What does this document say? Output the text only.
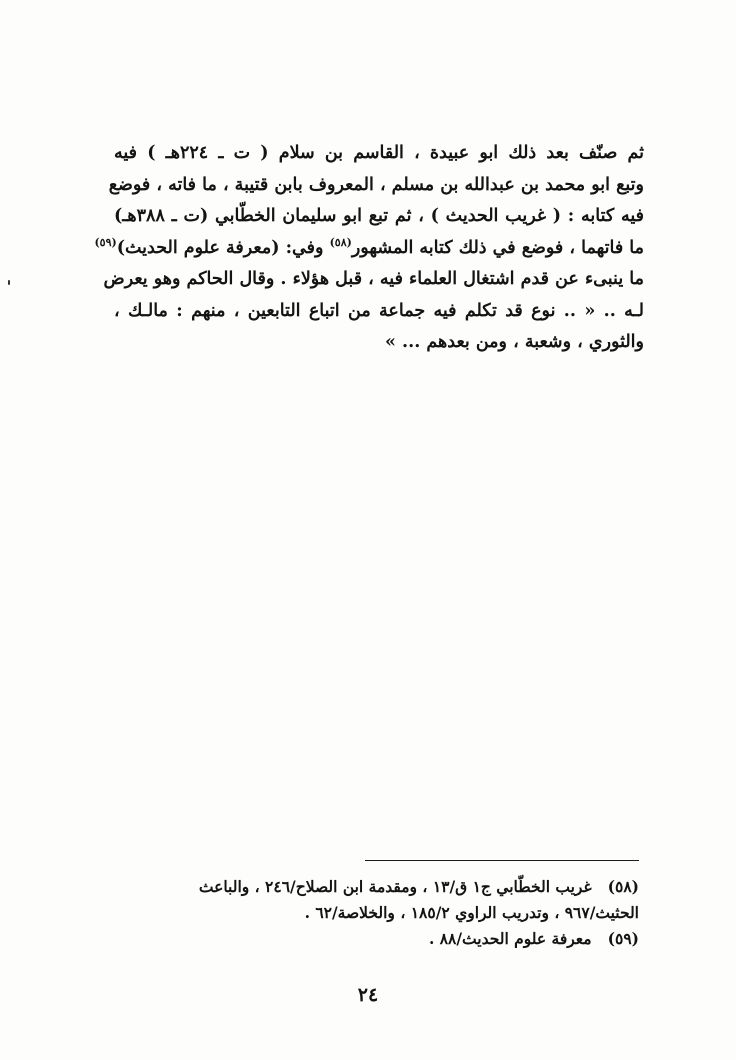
ثم صنّف بعد ذلك ابو عبيدة ، القاسم بن سلام ( ت ـ ٢٢٤هـ ) فيه
وتبع ابو محمد بن عبدالله بن مسلم ، المعروف بابن قتيبة ، ما فاته ، فوضع
فيه كتابه : ( غريب الحديث ) ، ثم تبع ابو سليمان الخطّابي (ت ـ ٣٨٨هـ)
ما فاتهما ، فوضع في ذلك كتابه المشهور$^{(٥٨)}$ وفي: (معرفة علوم الحديث)$^{(٥٩)}$
ما ينبىء عن قدم اشتغال العلماء فيه ، قبل هؤلاء . وقال الحاكم وهو يعرض
لـه .. « .. نوع قد تكلم فيه جماعة من اتباع التابعين ، منهم : مالـك ،
والثوري ، وشعبة ، ومن بعدهم ... »
(٥٨) غريب الخطّابي ج١ ق/١٣ ، ومقدمة ابن الصلاح/٢٤٦ ، والباعث
الحثيث/٩٦٧ ، وتدريب الراوي ١٨٥/٢ ، والخلاصة/٦٢ .
(٥٩) معرفة علوم الحديث/٨٨ .
٢٤
